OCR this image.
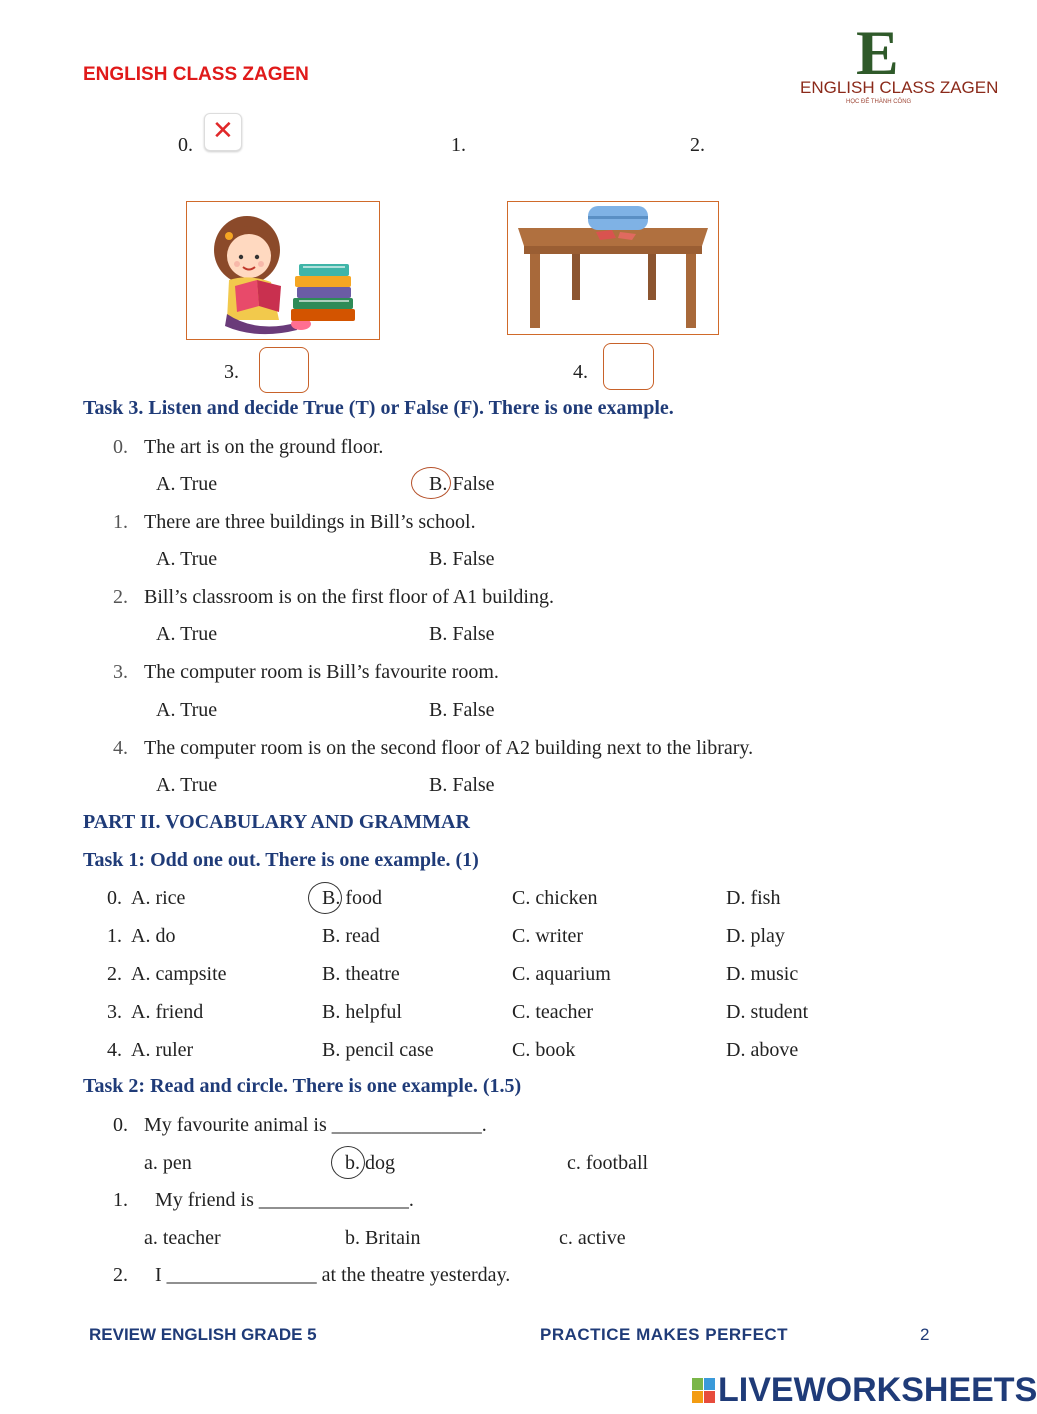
ENGLISH CLASS ZAGEN	E
ENGLISH CLASS ZAGEN
HỌC ĐỂ THÀNH CÔNG
0. ✕	1.	2.
3.	4.
Task 3. Listen and decide True (T) or False (F). There is one example.
0. The art is on the ground floor.
A. True	B. False
1. There are three buildings in Bill’s school.
A. True	B. False
2. Bill’s classroom is on the first floor of A1 building.
A. True	B. False
3. The computer room is Bill’s favourite room.
A. True	B. False
4. The computer room is on the second floor of A2 building next to the library.
A. True	B. False
PART II. VOCABULARY AND GRAMMAR
Task 1: Odd one out. There is one example. (1)
0. A. rice	B. food	C. chicken	D. fish
1. A. do	B. read	C. writer	D. play
2. A. campsite	B. theatre	C. aquarium	D. music
3. A. friend	B. helpful	C. teacher	D. student
4. A. ruler	B. pencil case	C. book	D. above
Task 2: Read and circle. There is one example. (1.5)
0. My favourite animal is _______________.
a. pen	b. dog	c. football
1. My friend is _______________.
a. teacher	b. Britain	c. active
2. I _______________ at the theatre yesterday.
REVIEW ENGLISH GRADE 5	PRACTICE MAKES PERFECT	2
LIVEWORKSHEETS
